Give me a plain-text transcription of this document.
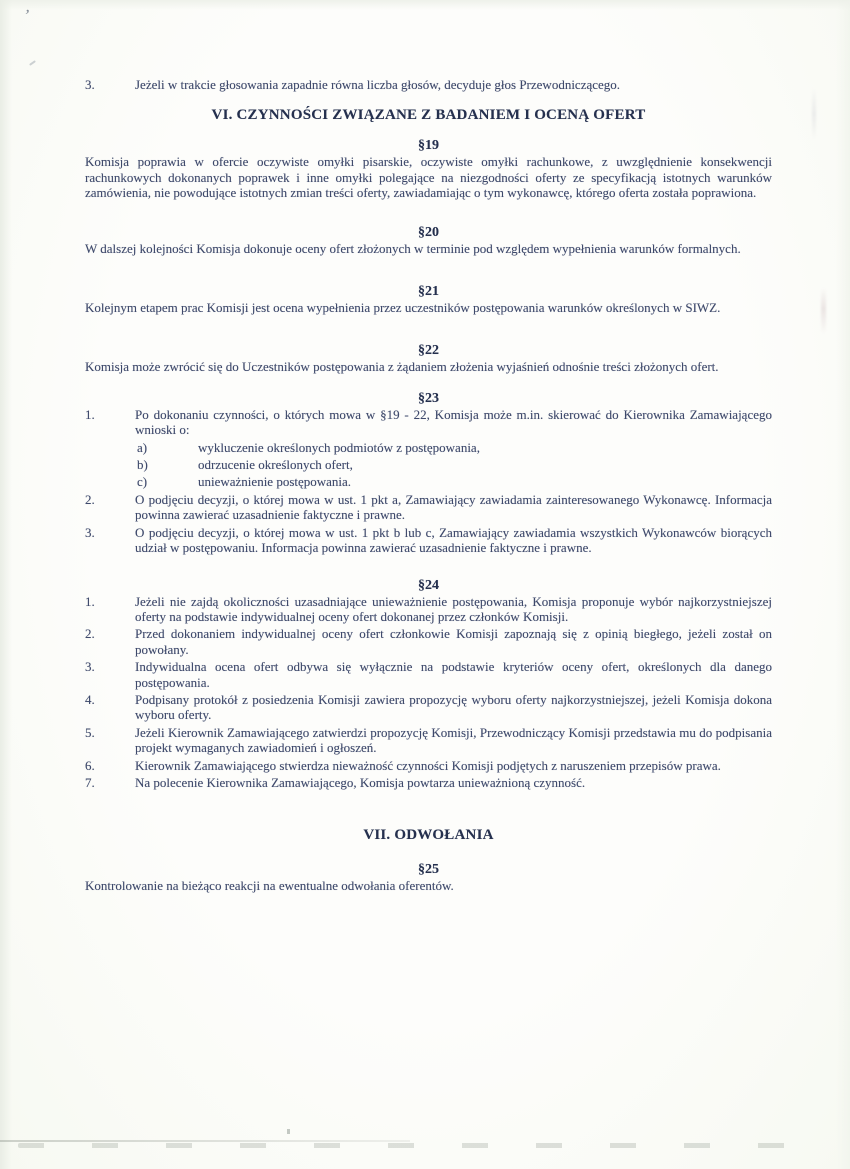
ʼ
3.	Jeżeli w trakcie głosowania zapadnie równa liczba głosów, decyduje głos Przewodniczącego.
VI. CZYNNOŚCI ZWIĄZANE Z BADANIEM I OCENĄ OFERT
§19

Komisja poprawia w ofercie oczywiste omyłki pisarskie, oczywiste omyłki rachunkowe, z uwzględnienie konsekwencji rachunkowych dokonanych poprawek i inne omyłki polegające na niezgodności oferty ze specyfikacją istotnych warunków zamówienia, nie powodujące istotnych zmian treści oferty, zawiadamiając o tym wykonawcę, którego oferta została poprawiona.

§20

W dalszej kolejności Komisja dokonuje oceny ofert złożonych w terminie pod względem wypełnienia warunków formalnych.

§21

Kolejnym etapem prac Komisji jest ocena wypełnienia przez uczestników postępowania warunków określonych w SIWZ.

§22

Komisja może zwrócić się do Uczestników postępowania z żądaniem złożenia wyjaśnień odnośnie treści złożonych ofert.

§23
1.	Po dokonaniu czynności, o których mowa w §19 - 22, Komisja może m.in. skierować do Kierownika Zamawiającego wnioski o:
a)	wykluczenie określonych podmiotów z postępowania,
b)	odrzucenie określonych ofert,
c)	unieważnienie postępowania.
2.	O podjęciu decyzji, o której mowa w ust. 1 pkt a, Zamawiający zawiadamia zainteresowanego Wykonawcę. Informacja powinna zawierać uzasadnienie faktyczne i prawne.
3.	O podjęciu decyzji, o której mowa w ust. 1 pkt b lub c, Zamawiający zawiadamia wszystkich Wykonawców biorących udział w postępowaniu. Informacja powinna zawierać uzasadnienie faktyczne i prawne.
§24
1.	Jeżeli nie zajdą okoliczności uzasadniające unieważnienie postępowania, Komisja proponuje wybór najkorzystniejszej oferty na podstawie indywidualnej oceny ofert dokonanej przez członków Komisji.
2.	Przed dokonaniem indywidualnej oceny ofert członkowie Komisji zapoznają się z opinią biegłego, jeżeli został on powołany.
3.	Indywidualna ocena ofert odbywa się wyłącznie na podstawie kryteriów oceny ofert, określonych dla danego postępowania.
4.	Podpisany protokół z posiedzenia Komisji zawiera propozycję wyboru oferty najkorzystniejszej, jeżeli Komisja dokona wyboru oferty.
5.	Jeżeli Kierownik Zamawiającego zatwierdzi propozycję Komisji, Przewodniczący Komisji przedstawia mu do podpisania projekt wymaganych zawiadomień i ogłoszeń.
6.	Kierownik Zamawiającego stwierdza nieważność czynności Komisji podjętych z naruszeniem przepisów prawa.
7.	Na polecenie Kierownika Zamawiającego, Komisja powtarza unieważnioną czynność.
VII. ODWOŁANIA
§25

Kontrolowanie na bieżąco reakcji na ewentualne odwołania oferentów.
